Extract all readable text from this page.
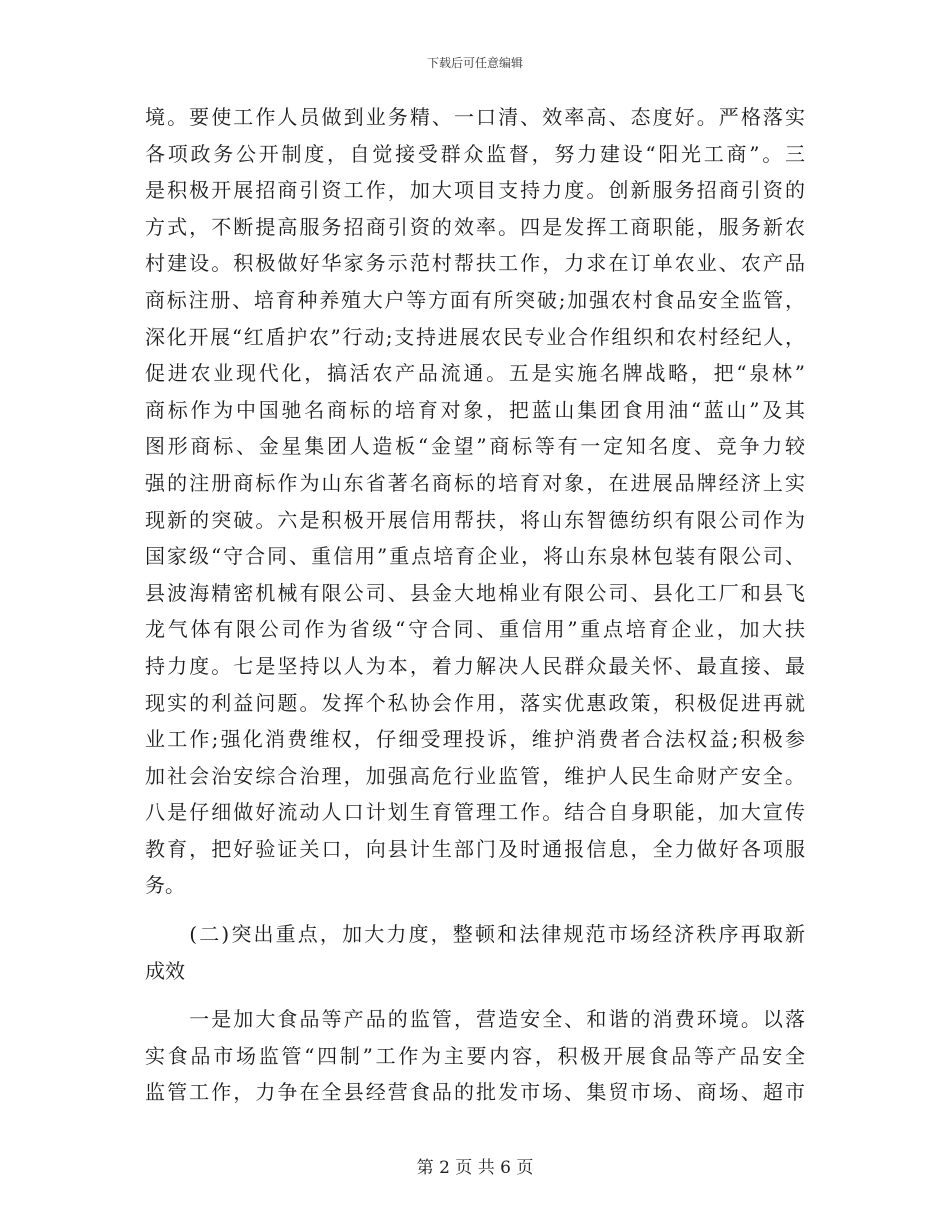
下载后可任意编辑
境。要使工作人员做到业务精、一口清、效率高、态度好。严格落实
各项政务公开制度，自觉接受群众监督，努力建设“阳光工商”。三
是积极开展招商引资工作，加大项目支持力度。创新服务招商引资的
方式，不断提高服务招商引资的效率。四是发挥工商职能，服务新农
村建设。积极做好华家务示范村帮扶工作，力求在订单农业、农产品
商标注册、培育种养殖大户等方面有所突破;加强农村食品安全监管，
深化开展“红盾护农”行动;支持进展农民专业合作组织和农村经纪人，
促进农业现代化，搞活农产品流通。五是实施名牌战略，把“泉林”
商标作为中国驰名商标的培育对象，把蓝山集团食用油“蓝山”及其
图形商标、金星集团人造板“金望”商标等有一定知名度、竞争力较
强的注册商标作为山东省著名商标的培育对象，在进展品牌经济上实
现新的突破。六是积极开展信用帮扶，将山东智德纺织有限公司作为
国家级“守合同、重信用”重点培育企业，将山东泉林包装有限公司、
县波海精密机械有限公司、县金大地棉业有限公司、县化工厂和县飞
龙气体有限公司作为省级“守合同、重信用”重点培育企业，加大扶
持力度。七是坚持以人为本，着力解决人民群众最关怀、最直接、最
现实的利益问题。发挥个私协会作用，落实优惠政策，积极促进再就
业工作;强化消费维权，仔细受理投诉，维护消费者合法权益;积极参
加社会治安综合治理，加强高危行业监管，维护人民生命财产安全。
八是仔细做好流动人口计划生育管理工作。结合自身职能，加大宣传
教育，把好验证关口，向县计生部门及时通报信息，全力做好各项服
务。
　　(二)突出重点，加大力度，整顿和法律规范市场经济秩序再取新
成效
　　一是加大食品等产品的监管，营造安全、和谐的消费环境。以落
实食品市场监管“四制”工作为主要内容，积极开展食品等产品安全
监管工作，力争在全县经营食品的批发市场、集贸市场、商场、超市
第 2 页 共 6 页
